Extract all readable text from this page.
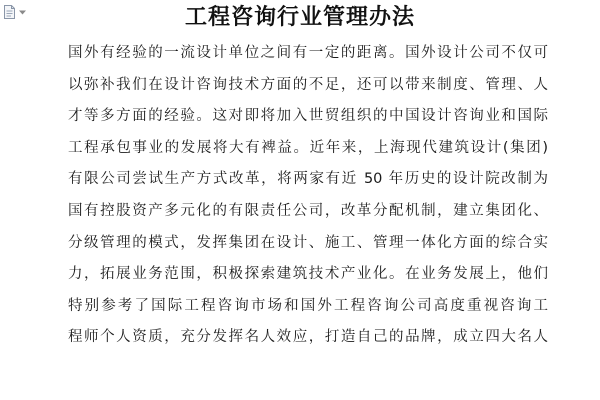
工程咨询行业管理办法
国外有经验的一流设计单位之间有一定的距离。国外设计公司不仅可
以弥补我们在设计咨询技术方面的不足，还可以带来制度、管理、人
才等多方面的经验。这对即将加入世贸组织的中国设计咨询业和国际
工程承包事业的发展将大有裨益。近年来，上海现代建筑设计(集团)
有限公司尝试生产方式改革，将两家有近 50 年历史的设计院改制为
国有控股资产多元化的有限责任公司，改革分配机制，建立集团化、
分级管理的模式，发挥集团在设计、施工、管理一体化方面的综合实
力，拓展业务范围，积极探索建筑技术产业化。在业务发展上，他们
特别参考了国际工程咨询市场和国外工程咨询公司高度重视咨询工
程师个人资质，充分发挥名人效应，打造自己的品牌，成立四大名人
